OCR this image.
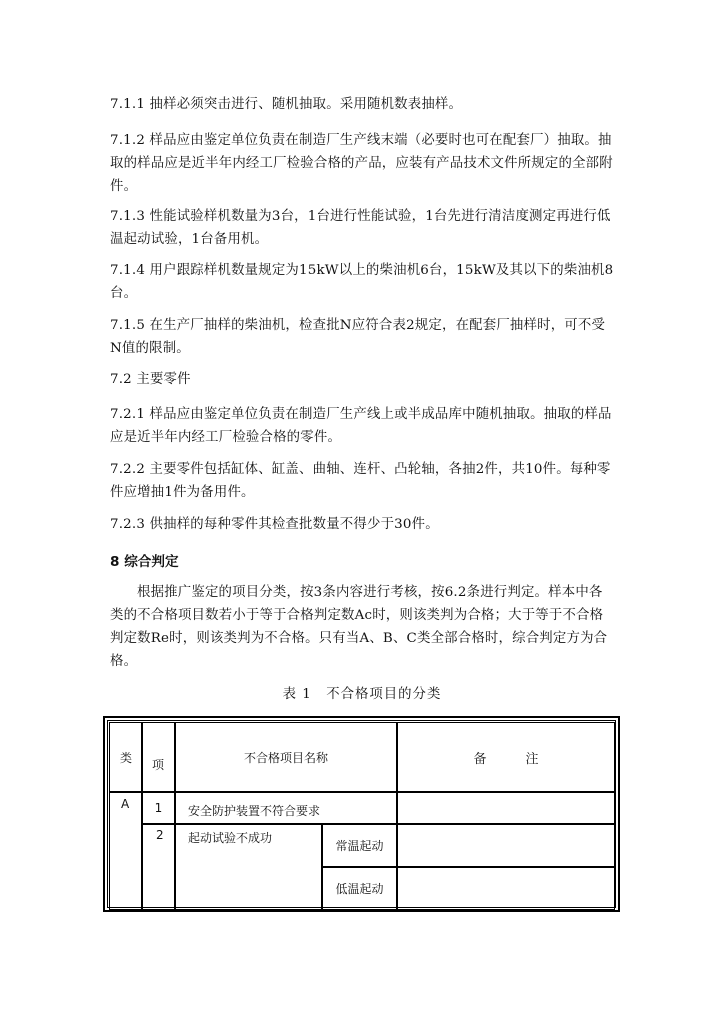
7.1.1 抽样必须突击进行、随机抽取。采用随机数表抽样。

7.1.2 样品应由鉴定单位负责在制造厂生产线末端（必要时也可在配套厂）抽取。抽取的样品应是近半年内经工厂检验合格的产品，应装有产品技术文件所规定的全部附件。

7.1.3 性能试验样机数量为3台，1台进行性能试验，1台先进行清洁度测定再进行低温起动试验，1台备用机。

7.1.4 用户跟踪样机数量规定为15kW以上的柴油机6台，15kW及其以下的柴油机8台。

7.1.5 在生产厂抽样的柴油机，检查批N应符合表2规定，在配套厂抽样时，可不受N值的限制。

7.2 主要零件

7.2.1 样品应由鉴定单位负责在制造厂生产线上或半成品库中随机抽取。抽取的样品应是近半年内经工厂检验合格的零件。

7.2.2 主要零件包括缸体、缸盖、曲轴、连杆、凸轮轴，各抽2件，共10件。每种零件应增抽1件为备用件。

7.2.3 供抽样的每种零件其检查批数量不得少于30件。

8 综合判定

根据推广鉴定的项目分类，按3条内容进行考核，按6.2条进行判定。样本中各类的不合格项目数若小于等于合格判定数Ac时，则该类判为合格；大于等于不合格判定数Re时，则该类判为不合格。只有当A、B、C类全部合格时，综合判定方为合格。

表 1　不合格项目的分类
类 项	不合格项目名称	备　　　注
A 1 安全防护装置不符合要求
2 起动试验不成功
常温起动
低温起动
